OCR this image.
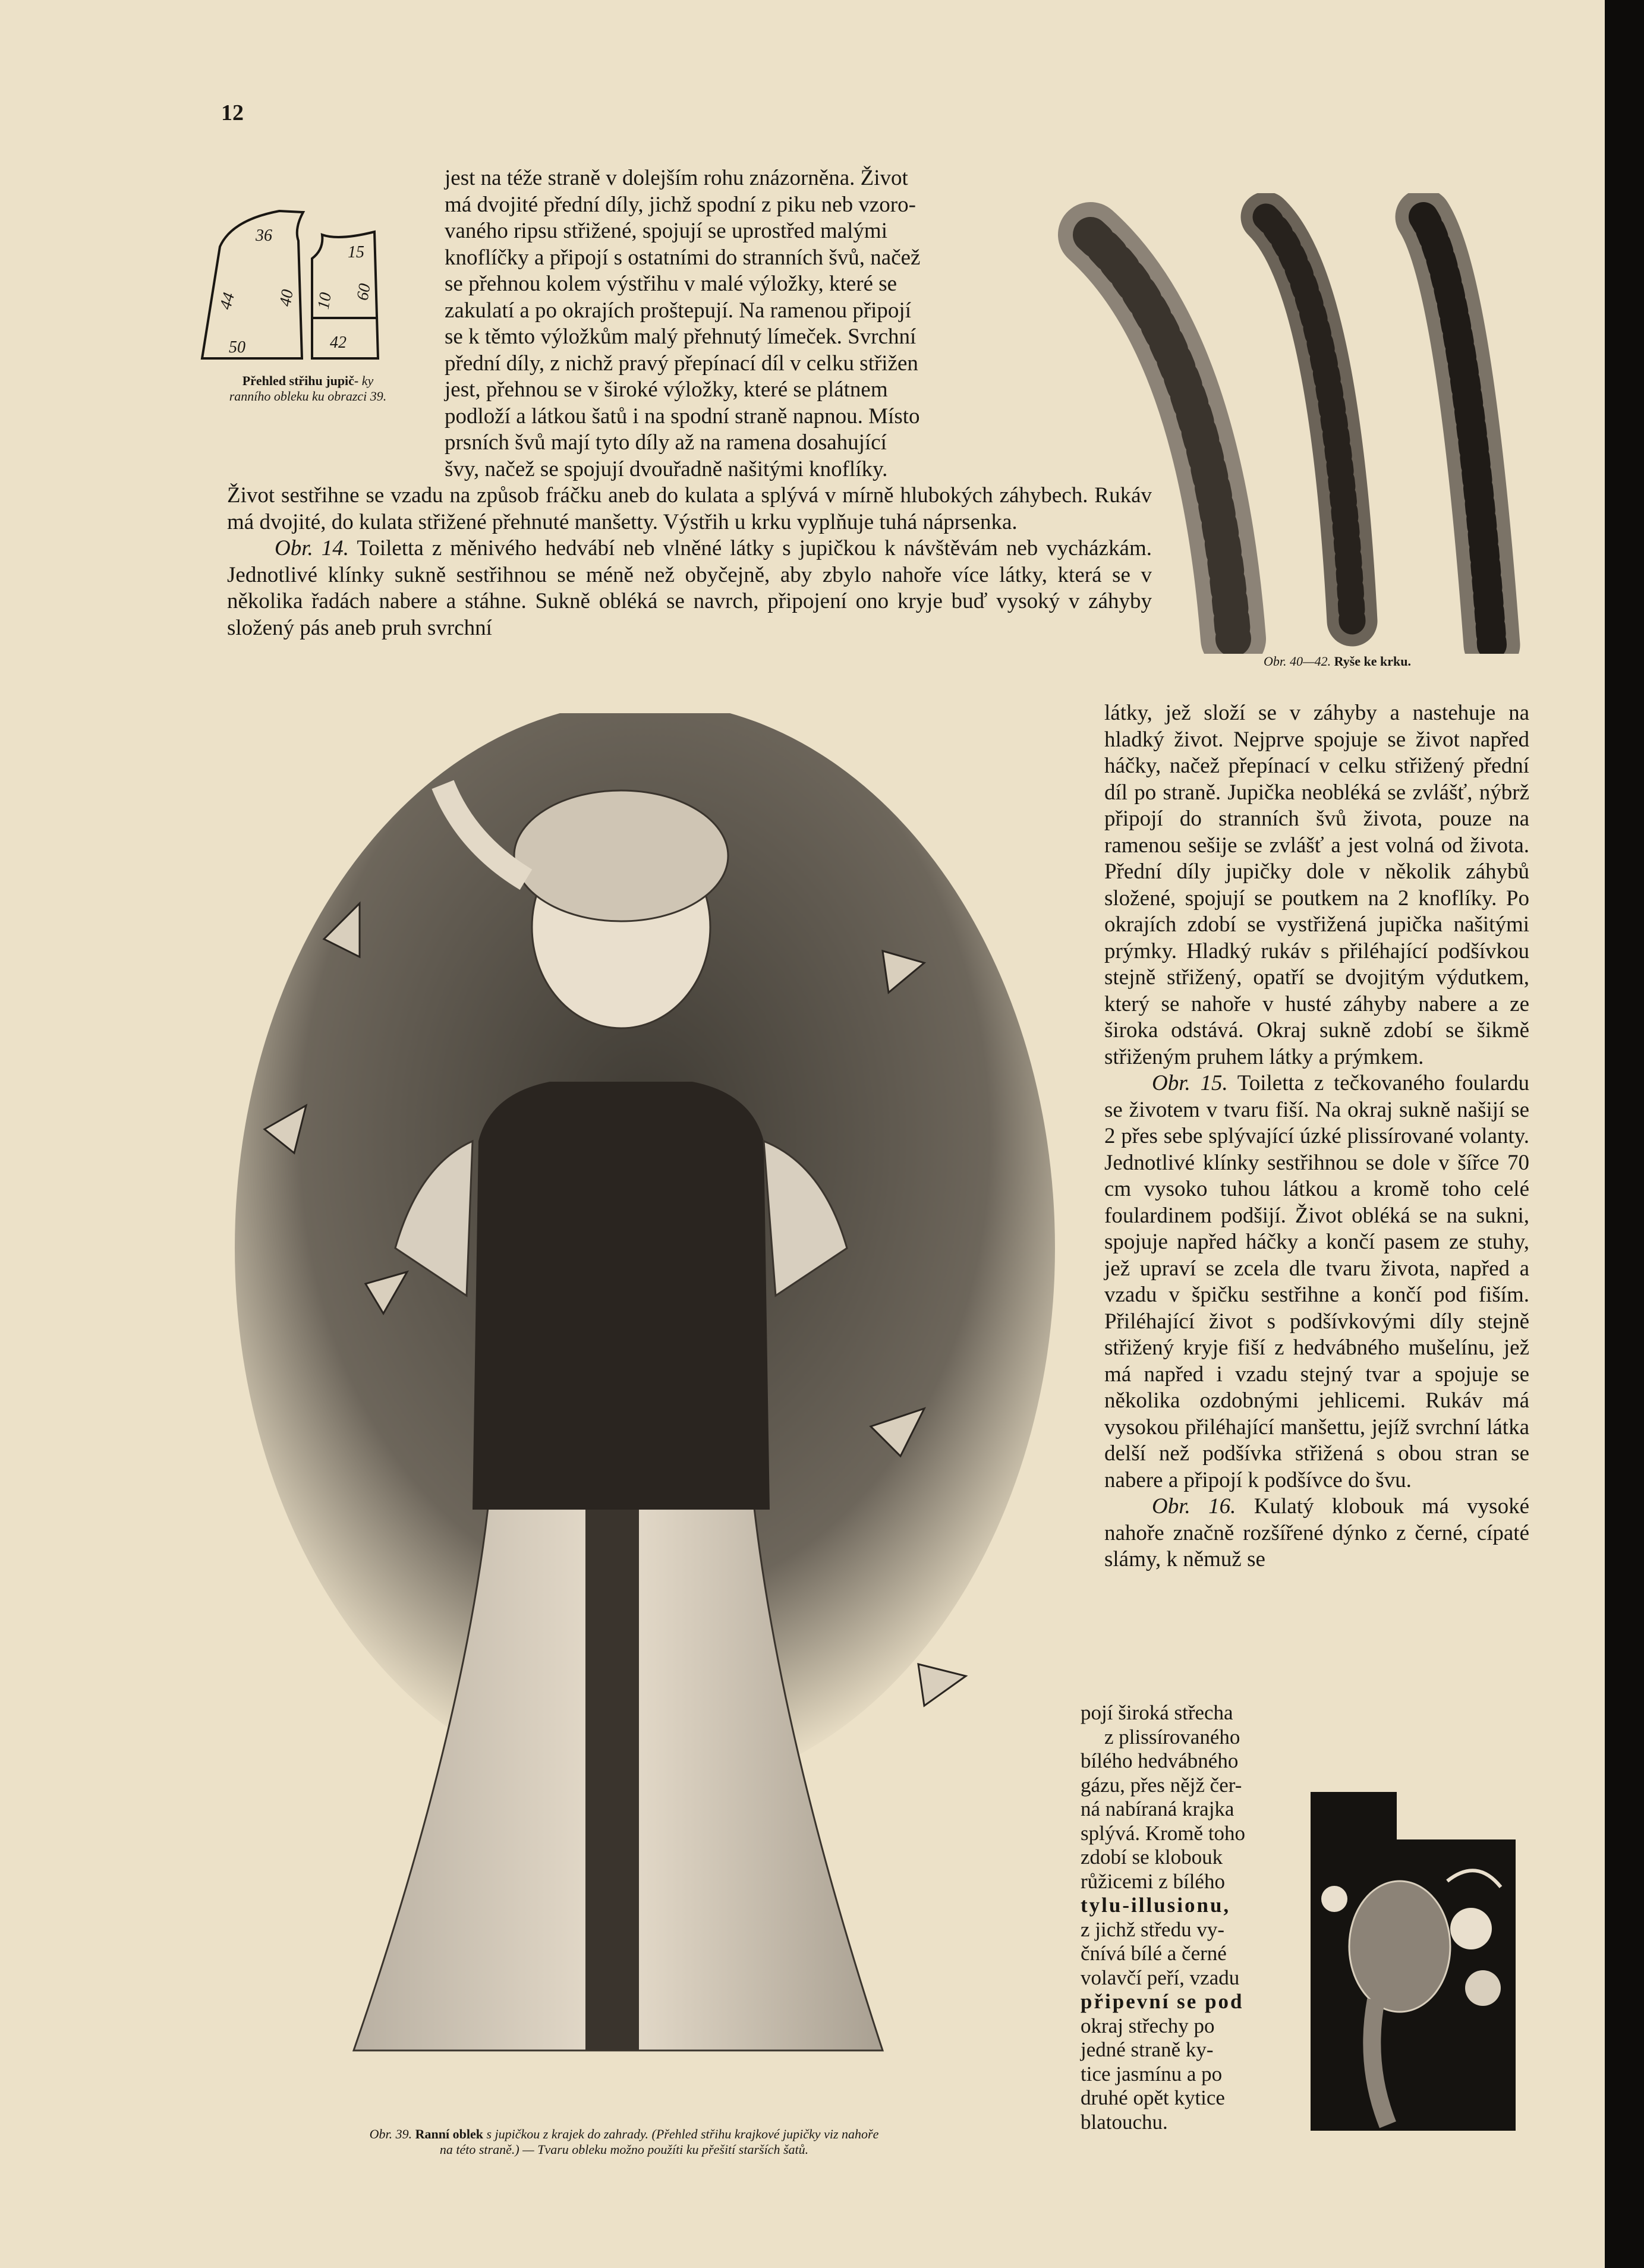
12
36
15
10
40	60
50	42
44
Přehled střihu jupič- ky ranního obleku ku obrazci 39.
jest na téže straně v dolejším rohu znázorněna. Život
má dvojité přední díly, jichž spodní z piku neb vzoro-
vaného ripsu střižené, spojují se uprostřed malými
knoflíčky a připojí s ostatními do stranních švů, načež
se přehnou kolem výstřihu v malé výložky, které se
zakulatí a po okrajích proštepují. Na ramenou připojí
se k těmto výložkům malý přehnutý límeček. Svrchní
přední díly, z nichž pravý přepínací díl v celku střižen
jest, přehnou se v široké výložky, které se plátnem
podloží a látkou šatů i na spodní straně napnou. Místo
prsních švů mají tyto díly až na ramena dosahující
švy, načež se spojují dvouřadně našitými knoflíky.

Život sestřihne se vzadu na způsob fráčku aneb do kulata a splývá v mírně hlubokých záhybech. Rukáv má dvojité, do kulata střižené přehnuté manšetty. Výstřih u krku vyplňuje tuhá náprsenka.

Obr. 14. Toiletta z měnivého hedvábí neb vlněné látky s jupičkou k návštěvám neb vycházkám. Jednotlivé klínky sukně sestřihnou se méně než obyčejně, aby zbylo nahoře více látky, která se v několika řadách nabere a stáhne. Sukně obléká se navrch, připojení ono kryje buď vysoký v záhyby složený pás aneb pruh svrchní

Obr. 40—42. Ryše ke krku.
Obr. 39. Ranní oblek s jupičkou z krajek do zahrady. (Přehled střihu krajkové jupičky viz nahoře
na této straně.) — Tvaru obleku možno použíti ku přešití starších šatů.

látky, jež složí se v záhyby a nastehuje na hladký život. Nejprve spojuje se život napřed háčky, načež přepínací v celku střižený přední díl po straně. Jupička neobléká se zvlášť, nýbrž připojí do stranních švů života, pouze na ramenou sešije se zvlášť a jest volná od života. Přední díly jupičky dole v několik záhybů složené, spojují se poutkem na 2 knoflíky. Po okrajích zdobí se vystřižená jupička našitými prýmky. Hladký rukáv s přiléhající podšívkou stejně střižený, opatří se dvojitým výdutkem, který se nahoře v husté záhyby nabere a ze široka odstává. Okraj sukně zdobí se šikmě střiženým pruhem látky a prýmkem.

Obr. 15. Toiletta z tečkovaného foulardu se životem v tvaru fiší. Na okraj sukně našijí se 2 přes sebe splývající úzké plissírované volanty. Jednotlivé klínky sestřihnou se dole v šířce 70 cm vysoko tuhou látkou a kromě toho celé foulardinem podšijí. Život obléká se na sukni, spojuje napřed háčky a končí pasem ze stuhy, jež upraví se zcela dle tvaru života, napřed a vzadu v špičku sestřihne a končí pod fiším. Přiléhající život s podšívkovými díly stejně střižený kryje fiší z hedvábného mušelínu, jež má napřed i vzadu stejný tvar a spojuje se několika ozdobnými jehlicemi. Rukáv má vysokou přiléhající manšettu, jejíž svrchní látka delší než podšívka střižená s obou stran se nabere a připojí k podšívce do švu.

Obr. 16. Kulatý klobouk má vysoké nahoře značně rozšířené dýnko z černé, cípaté slámy, k němuž se

pojí široká střecha
z plissírovaného
bílého hedvábného
gázu, přes nějž čer-
ná nabíraná krajka
splývá. Kromě toho
zdobí se klobouk
růžicemi z bílého
tylu-illusionu,
z jichž středu vy-
čnívá bílé a černé
volavčí peří, vzadu
připevní se pod
okraj střechy po
jedné straně ky-
tice jasmínu a po
druhé opět kytice
blatouchu.
